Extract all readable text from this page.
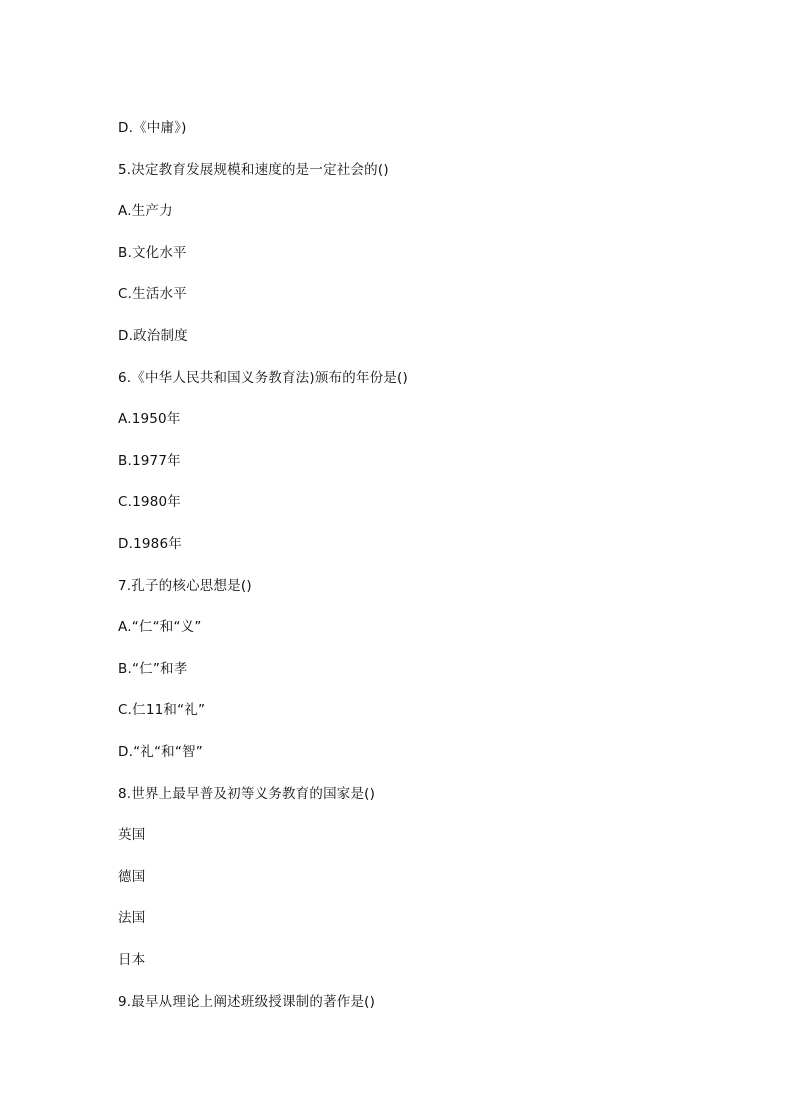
D.《中庸》)
5.决定教育发展规模和速度的是一定社会的()
A.生产力
B.文化水平
C.生活水平
D.政治制度
6.《中华人民共和国义务教育法)颁布的年份是()
A.1950年
B.1977年
C.1980年
D.1986年
7.孔子的核心思想是()
A.“仁“和“义”
B.“仁”和孝
C.仁11和“礼”
D.“礼“和“智”
8.世界上最早普及初等义务教育的国家是()
英国
德国
法国
日本
9.最早从理论上阐述班级授课制的著作是()
